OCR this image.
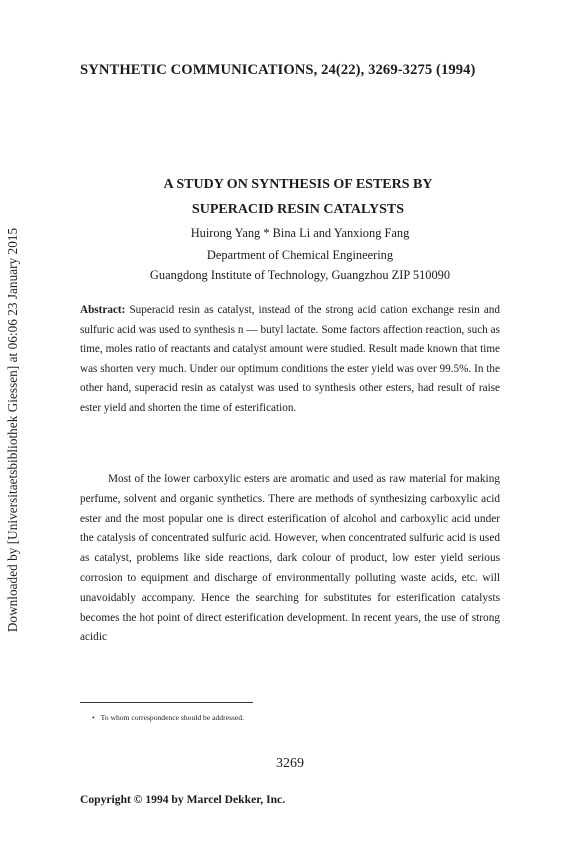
Downloaded by [Universitaetsbibliothek Giessen] at 06:06 23 January 2015
SYNTHETIC COMMUNICATIONS, 24(22), 3269-3275 (1994)
A STUDY ON SYNTHESIS OF ESTERS BY
SUPERACID RESIN CATALYSTS
Huirong Yang * Bina Li and Yanxiong Fang
Department of Chemical Engineering
Guangdong Institute of Technology, Guangzhou ZIP 510090
Abstract: Superacid resin as catalyst, instead of the strong acid cation exchange resin and sulfuric acid was used to synthesis n — butyl lactate. Some factors affection reaction, such as time, moles ratio of reactants and catalyst amount were studied. Result made known that time was shorten very much. Under our optimum conditions the ester yield was over 99.5%. In the other hand, superacid resin as catalyst was used to synthesis other esters, had result of raise ester yield and shorten the time of esterification.
Most of the lower carboxylic esters are aromatic and used as raw material for making perfume, solvent and organic synthetics. There are methods of synthesizing carboxylic acid ester and the most popular one is direct esterification of alcohol and carboxylic acid under the catalysis of concentrated sulfuric acid. However, when concentrated sulfuric acid is used as catalyst, problems like side reactions, dark colour of product, low ester yield serious corrosion to equipment and discharge of environmentally polluting waste acids, etc. will unavoidably accompany. Hence the searching for substitutes for esterification catalysts becomes the hot point of direct esterification development. In recent years, the use of strong acidic
• To whom correspondence should be addressed.
3269
Copyright © 1994 by Marcel Dekker, Inc.
